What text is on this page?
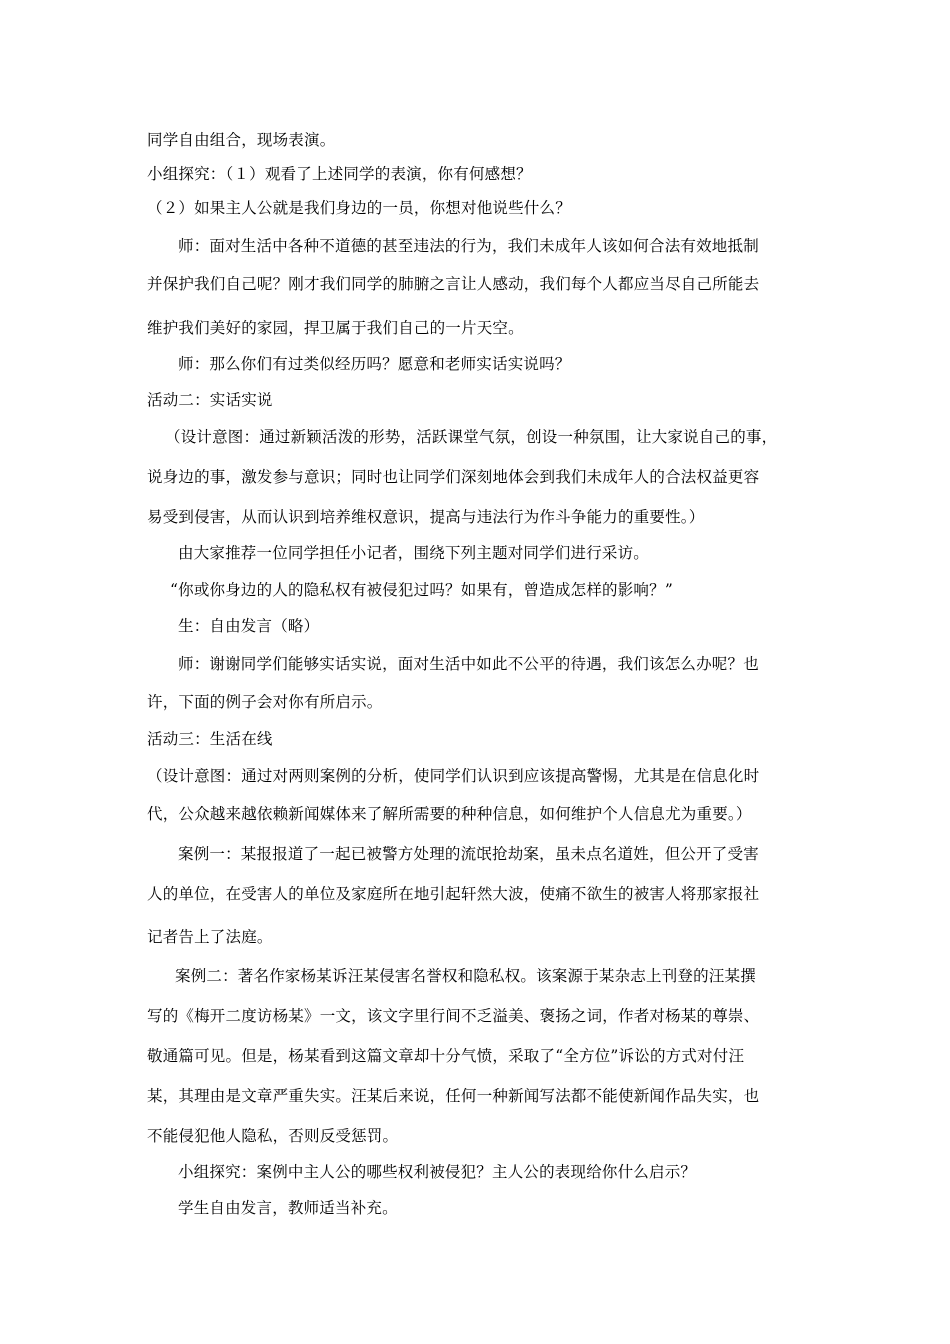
同学自由组合，现场表演。
小组探究：（１）观看了上述同学的表演，你有何感想？
（２）如果主人公就是我们身边的一员，你想对他说些什么？
师：面对生活中各种不道德的甚至违法的行为，我们未成年人该如何合法有效地抵制
并保护我们自己呢？刚才我们同学的肺腑之言让人感动，我们每个人都应当尽自己所能去
维护我们美好的家园，捍卫属于我们自己的一片天空。
师：那么你们有过类似经历吗？愿意和老师实话实说吗？
活动二：实话实说
（设计意图：通过新颖活泼的形势，活跃课堂气氛，创设一种氛围，让大家说自己的事，
说身边的事，激发参与意识；同时也让同学们深刻地体会到我们未成年人的合法权益更容
易受到侵害，从而认识到培养维权意识，提高与违法行为作斗争能力的重要性。）
由大家推荐一位同学担任小记者，围绕下列主题对同学们进行采访。
“你或你身边的人的隐私权有被侵犯过吗？如果有，曾造成怎样的影响？”
生：自由发言（略）
师：谢谢同学们能够实话实说，面对生活中如此不公平的待遇，我们该怎么办呢？也
许，下面的例子会对你有所启示。
活动三：生活在线
（设计意图：通过对两则案例的分析，使同学们认识到应该提高警惕，尤其是在信息化时
代，公众越来越依赖新闻媒体来了解所需要的种种信息，如何维护个人信息尤为重要。）
案例一：某报报道了一起已被警方处理的流氓抢劫案，虽未点名道姓，但公开了受害
人的单位，在受害人的单位及家庭所在地引起轩然大波，使痛不欲生的被害人将那家报社
记者告上了法庭。
案例二：著名作家杨某诉汪某侵害名誉权和隐私权。该案源于某杂志上刊登的汪某撰
写的《梅开二度访杨某》一文，该文字里行间不乏溢美、褒扬之词，作者对杨某的尊崇、
敬通篇可见。但是，杨某看到这篇文章却十分气愤，采取了“全方位”诉讼的方式对付汪
某，其理由是文章严重失实。汪某后来说，任何一种新闻写法都不能使新闻作品失实，也
不能侵犯他人隐私，否则反受惩罚。
小组探究：案例中主人公的哪些权利被侵犯？主人公的表现给你什么启示？
学生自由发言，教师适当补充。
